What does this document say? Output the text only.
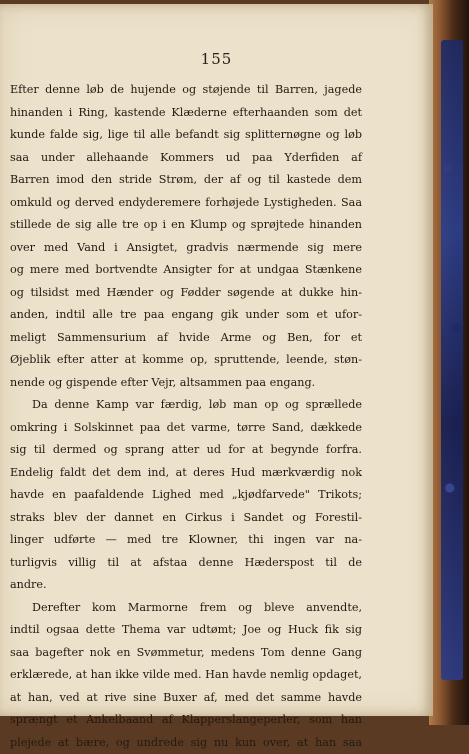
155
Efter denne løb de hujende og støjende til Barren, jagede
hinanden i Ring, kastende Klæderne efterhaanden som det
kunde falde sig, lige til alle befandt sig splitternøgne og løb
saa under allehaande Kommers ud paa Yderfiden af
Barren imod den stride Strøm, der af og til kastede dem
omkuld og derved endyderemere forhøjede Lystigheden. Saa
stillede de sig alle tre op i en Klump og sprøjtede hinanden
over med Vand i Ansigtet, gradvis nærmende sig mere
og mere med bortvendte Ansigter for at undgaa Stænkene
og tilsidst med Hænder og Fødder søgende at dukke hin-
anden, indtil alle tre paa engang gik under som et ufor-
meligt Sammensurium af hvide Arme og Ben, for et
Øjeblik efter atter at komme op, spruttende, leende, støn-
nende og gispende efter Vejr, altsammen paa engang.
Da denne Kamp var færdig, løb man op og sprællede
omkring i Solskinnet paa det varme, tørre Sand, dækkede
sig til dermed og sprang atter ud for at begynde forfra.
Endelig faldt det dem ind, at deres Hud mærkværdig nok
havde en paafaldende Lighed med „kjødfarvede" Trikots;
straks blev der dannet en Cirkus i Sandet og Forestil-
linger udførte — med tre Klowner, thi ingen var na-
turligvis villig til at afstaa denne Hæderspost til de
andre.
Derefter kom Marmorne frem og bleve anvendte,
indtil ogsaa dette Thema var udtømt; Joe og Huck fik sig
saa bagefter nok en Svømmetur, medens Tom denne Gang
erklærede, at han ikke vilde med. Han havde nemlig opdaget,
at han, ved at rive sine Buxer af, med det samme havde
sprængt et Ankelbaand af Klapperslangeperler, som han
plejede at bære, og undrede sig nu kun over, at han saa
